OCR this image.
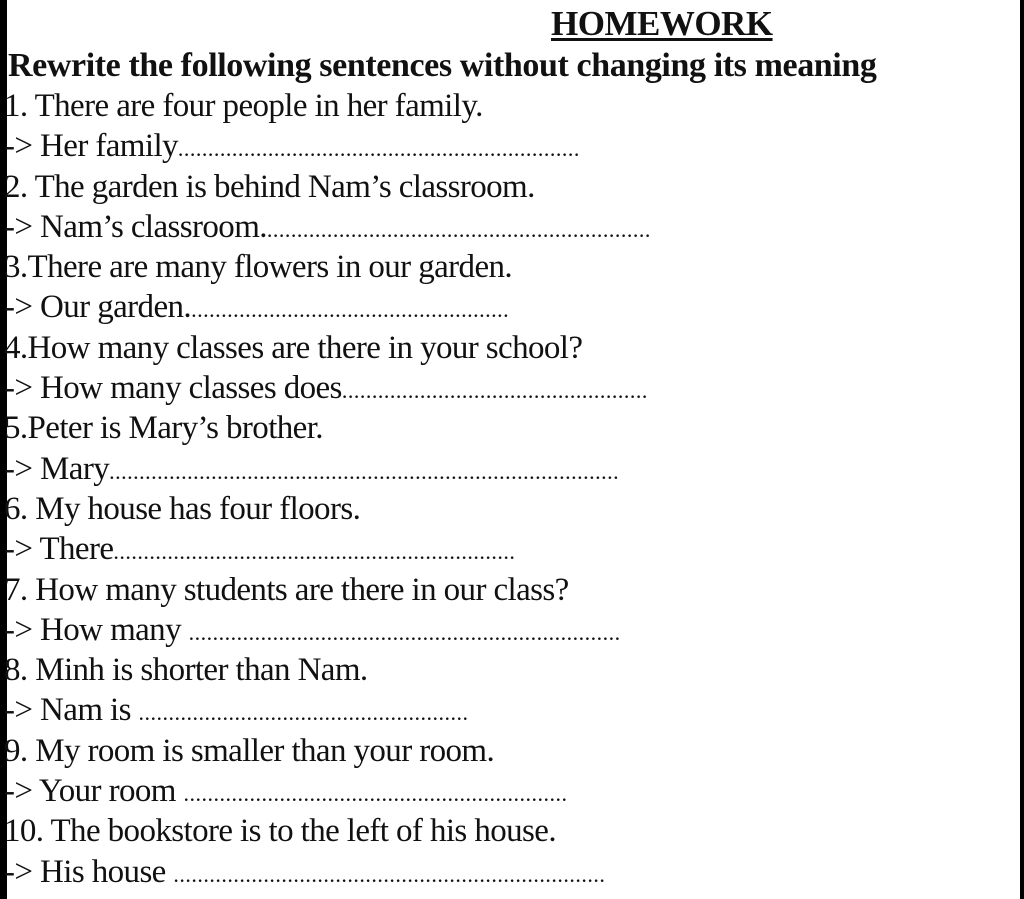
HOMEWORK
Rewrite the following sentences without changing its meaning
1. There are four people in her family.
-> Her family...................................................................
2. The garden is behind Nam’s classroom.
-> Nam’s classroom.................................................................
3.There are many flowers in our garden.
-> Our garden......................................................
4.How many classes are there in your school?
-> How many classes does...................................................
5.Peter is Mary’s brother.
-> Mary.....................................................................................
6. My house has four floors.
-> There...................................................................
7. How many students are there in our class?
-> How many ........................................................................
8. Minh is shorter than Nam.
-> Nam is .......................................................
9. My room is smaller than your room.
-> Your room ................................................................
10. The bookstore is to the left of his house.
-> His house ........................................................................
